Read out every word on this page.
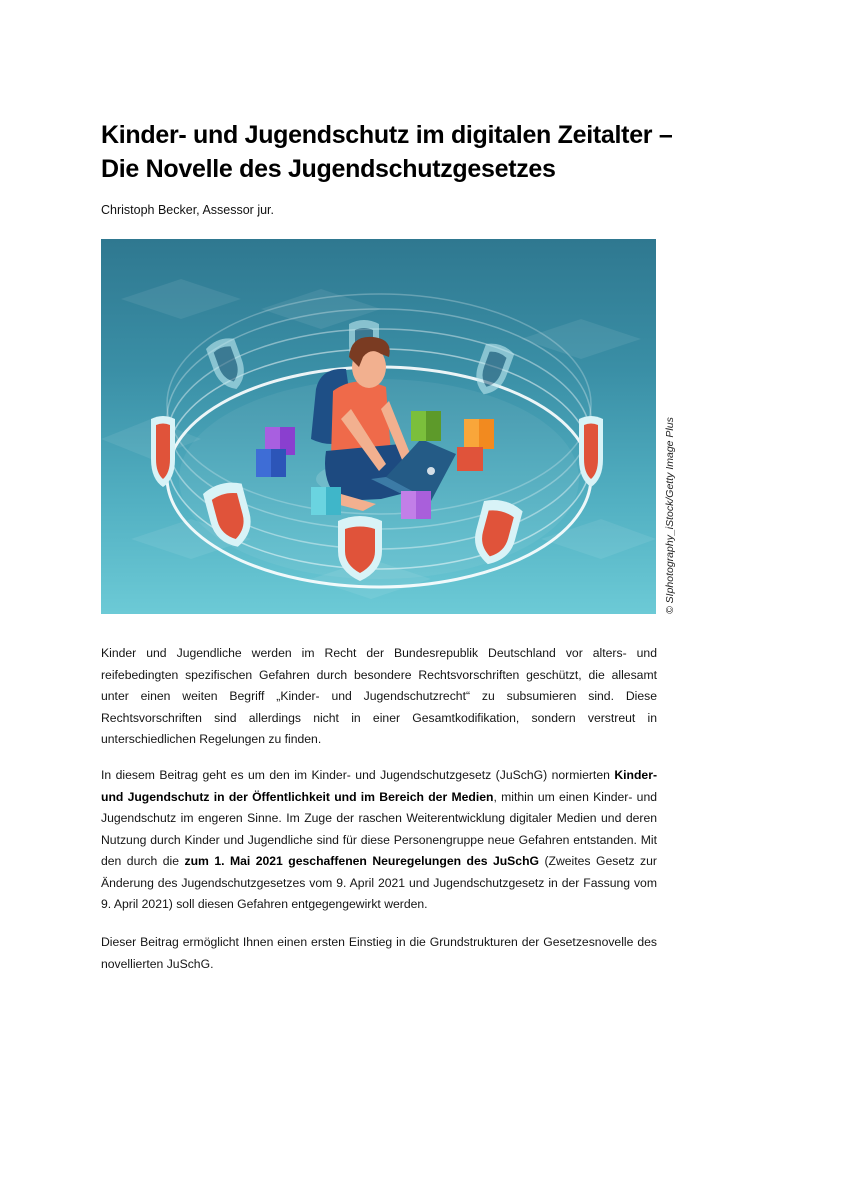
Kinder- und Jugendschutz im digitalen Zeitalter –
Die Novelle des Jugendschutzgesetzes
Christoph Becker, Assessor jur.
© SIphotography_iStock/Getty Image Plus

Kinder und Jugendliche werden im Recht der Bundesrepublik Deutschland vor alters- und reifebedingten spezifischen Gefahren durch besondere Rechtsvorschriften geschützt, die allesamt unter einen weiten Begriff „Kinder- und Jugendschutzrecht“ zu subsumieren sind. Diese Rechtsvorschriften sind allerdings nicht in einer Gesamtkodifikation, sondern verstreut in unterschiedlichen Regelungen zu finden.

In diesem Beitrag geht es um den im Kinder- und Jugendschutzgesetz (JuSchG) normierten Kinder- und Jugendschutz in der Öffentlichkeit und im Bereich der Medien, mithin um einen Kinder- und Jugendschutz im engeren Sinne. Im Zuge der raschen Weiterentwicklung digitaler Medien und deren Nutzung durch Kinder und Jugendliche sind für diese Personengruppe neue Gefahren entstanden. Mit den durch die zum 1. Mai 2021 geschaffenen Neuregelungen des JuSchG (Zweites Gesetz zur Änderung des Jugendschutzgesetzes vom 9. April 2021 und Jugendschutzgesetz in der Fassung vom 9. April 2021) soll diesen Gefahren entgegengewirkt werden.

Dieser Beitrag ermöglicht Ihnen einen ersten Einstieg in die Grundstrukturen der Gesetzesnovelle des novellierten JuSchG.
